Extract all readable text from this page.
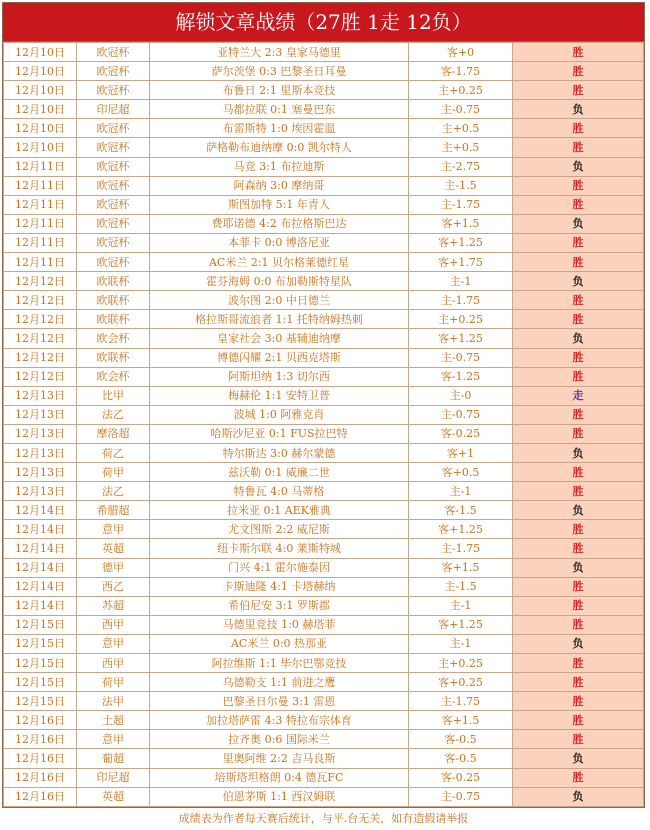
解锁文章战绩（27胜 1走 12负）
12月10日	欧冠杯	亚特兰大 2:3 皇家马德里	客+0	胜
12月10日	欧冠杯	萨尔茨堡 0:3 巴黎圣日耳曼	客-1.75	胜
12月10日	欧冠杯	布鲁日 2:1 里斯本竞技	主+0.25	胜
12月10日	印尼超	马都拉联 0:1 塞曼巴东	主-0.75	负
12月10日	欧冠杯	布雷斯特 1:0 埃因霍温	主+0.5	胜
12月10日	欧冠杯	萨格勒布迪纳摩 0:0 凯尔特人	主+0.5	胜
12月11日	欧冠杯	马竞 3:1 布拉迪斯	主-2.75	负
12月11日	欧冠杯	阿森纳 3:0 摩纳哥	主-1.5	胜
12月11日	欧冠杯	斯图加特 5:1 年青人	主-1.75	胜
12月11日	欧冠杯	费耶诺德 4:2 布拉格斯巴达	客+1.5	负
12月11日	欧冠杯	本菲卡 0:0 博洛尼亚	客+1.25	胜
12月11日	欧冠杯	AC米兰 2:1 贝尔格莱德红星	客+1.75	胜
12月12日	欧联杯	霍芬海姆 0:0 布加勒斯特星队	主-1	负
12月12日	欧联杯	波尔图 2:0 中日德兰	主-1.75	胜
12月12日	欧联杯	格拉斯哥流浪者 1:1 托特纳姆热刺	主+0.25	胜
12月12日	欧会杯	皇家社会 3:0 基辅迪纳摩	客+1.25	负
12月12日	欧联杯	博德闪耀 2:1 贝西克塔斯	主-0.75	胜
12月12日	欧会杯	阿斯坦纳 1:3 切尔西	客-1.25	胜
12月13日	比甲	梅赫伦 1:1 安特卫普	主-0	走
12月13日	法乙	波城 1:0 阿雅克肖	主-0.75	胜
12月13日	摩洛超	哈斯沙尼亚 0:1 FUS拉巴特	客-0.25	胜
12月13日	荷乙	特尔斯达 3:0 赫尔蒙德	客+1	负
12月13日	荷甲	兹沃勒 0:1 威廉二世	客+0.5	胜
12月13日	法乙	特鲁瓦 4:0 马蒂格	主-1	胜
12月14日	希腊超	拉米亚 0:1 AEK雅典	客-1.5	负
12月14日	意甲	尤文图斯 2:2 威尼斯	客+1.25	胜
12月14日	英超	纽卡斯尔联 4:0 莱斯特城	主-1.75	胜
12月14日	德甲	门兴 4:1 霍尔施泰因	客+1.5	负
12月14日	西乙	卡斯迪隆 4:1 卡塔赫纳	主-1.5	胜
12月14日	苏超	希伯尼安 3:1 罗斯郡	主-1	胜
12月15日	西甲	马德里竞技 1:0 赫塔菲	客+1.25	胜
12月15日	意甲	AC米兰 0:0 热那亚	主-1	负
12月15日	西甲	阿拉维斯 1:1 毕尔巴鄂竞技	主+0.25	胜
12月15日	荷甲	乌德勒支 1:1 前进之鹰	客+0.25	胜
12月15日	法甲	巴黎圣日尔曼 3:1 雷恩	主-1.75	胜
12月16日	土超	加拉塔萨雷 4:3 特拉布宗体育	客+1.5	胜
12月16日	意甲	拉齐奥 0:6 国际米兰	客-0.5	胜
12月16日	葡超	里奥阿维 2:2 吉马良斯	客-0.5	负
12月16日	印尼超	培斯塔坦格朗 0:4 德瓦FC	客-0.25	胜
12月16日	英超	伯恩茅斯 1:1 西汉姆联	主-0.75	负
成绩表为作者每天赛后统计，与平.台无关，如有造假请举报
